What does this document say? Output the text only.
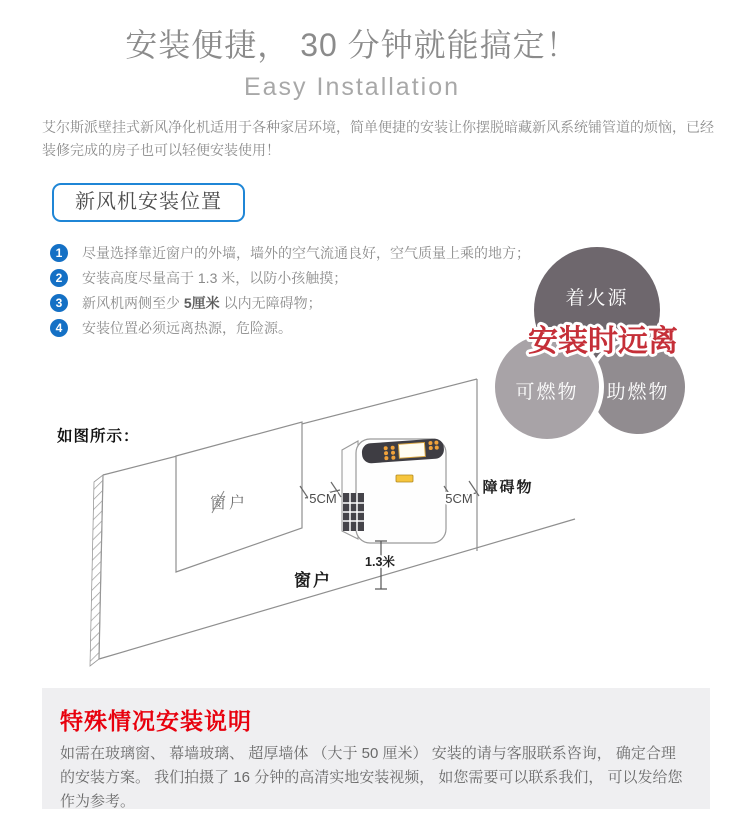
安装便捷， 30 分钟就能搞定！
Easy Installation
艾尔斯派壁挂式新风净化机适用于各种家居环境，简单便捷的安装让你摆脱暗藏新风系统铺管道的烦恼，已经装修完成的房子也可以轻便安装使用！
新风机安装位置
1	尽量选择靠近窗户的外墙，墙外的空气流通良好，空气质量上乘的地方；
2	安装高度尽量高于 1.3 米，以防小孩触摸；
3	新风机两侧至少 5厘米 以内无障碍物；
4	安装位置必须远离热源，危险源。
着火源
助燃物
可燃物
安装时远离
窗户	5CM	5CM
1.3米
如图所示：
障碍物
窗户
特殊情况安装说明
如需在玻璃窗、 幕墙玻璃、 超厚墙体 （大于 50 厘米） 安装的请与客服联系咨询， 确定合理的安装方案。 我们拍摄了 16 分钟的高清实地安装视频， 如您需要可以联系我们， 可以发给您作为参考。
